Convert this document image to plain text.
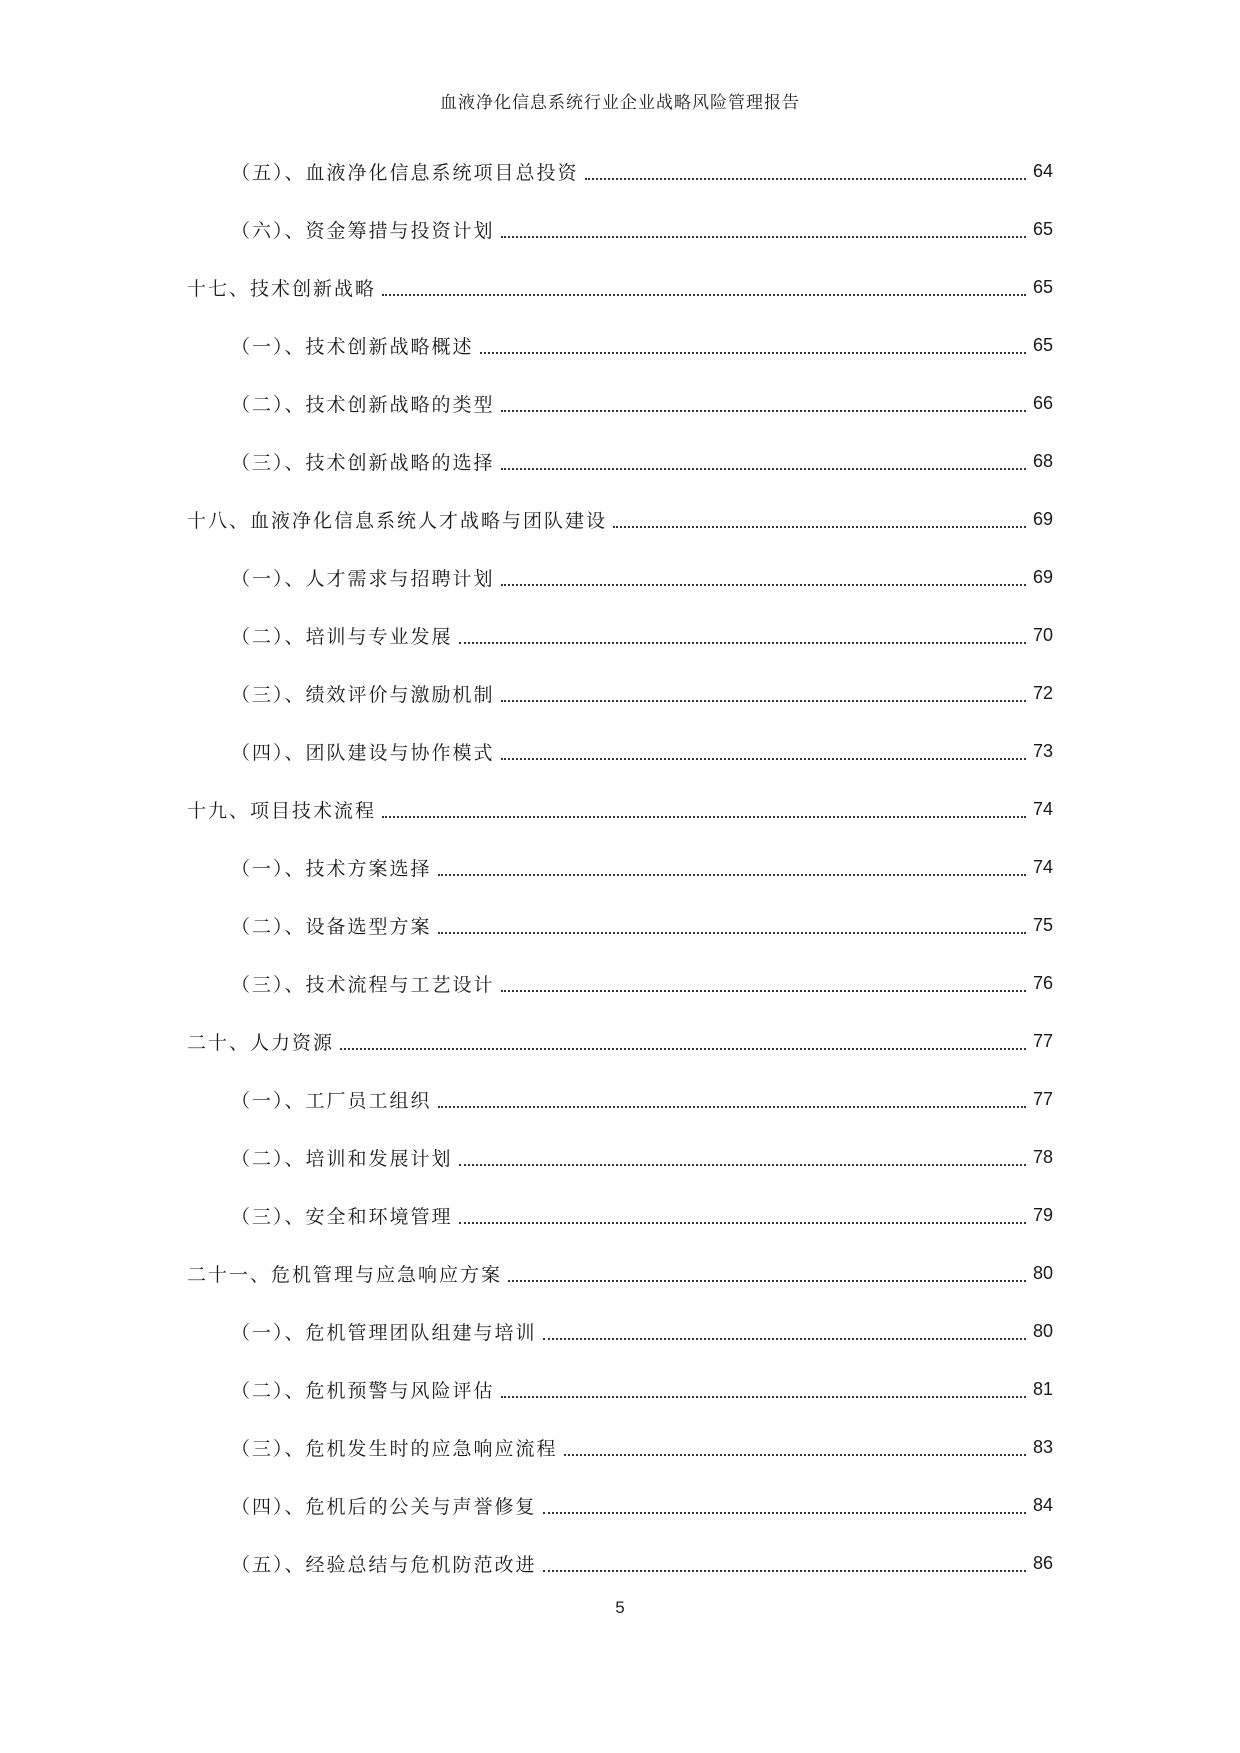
血液净化信息系统行业企业战略风险管理报告
（五）、血液净化信息系统项目总投资	64
（六）、资金筹措与投资计划	65
十七、技术创新战略	65
（一）、技术创新战略概述	65
（二）、技术创新战略的类型	66
（三）、技术创新战略的选择	68
十八、血液净化信息系统人才战略与团队建设	69
（一）、人才需求与招聘计划	69
（二）、培训与专业发展	70
（三）、绩效评价与激励机制	72
（四）、团队建设与协作模式	73
十九、项目技术流程	74
（一）、技术方案选择	74
（二）、设备选型方案	75
（三）、技术流程与工艺设计	76
二十、人力资源	77
（一）、工厂员工组织	77
（二）、培训和发展计划	78
（三）、安全和环境管理	79
二十一、危机管理与应急响应方案	80
（一）、危机管理团队组建与培训	80
（二）、危机预警与风险评估	81
（三）、危机发生时的应急响应流程	83
（四）、危机后的公关与声誉修复	84
（五）、经验总结与危机防范改进	86
5
